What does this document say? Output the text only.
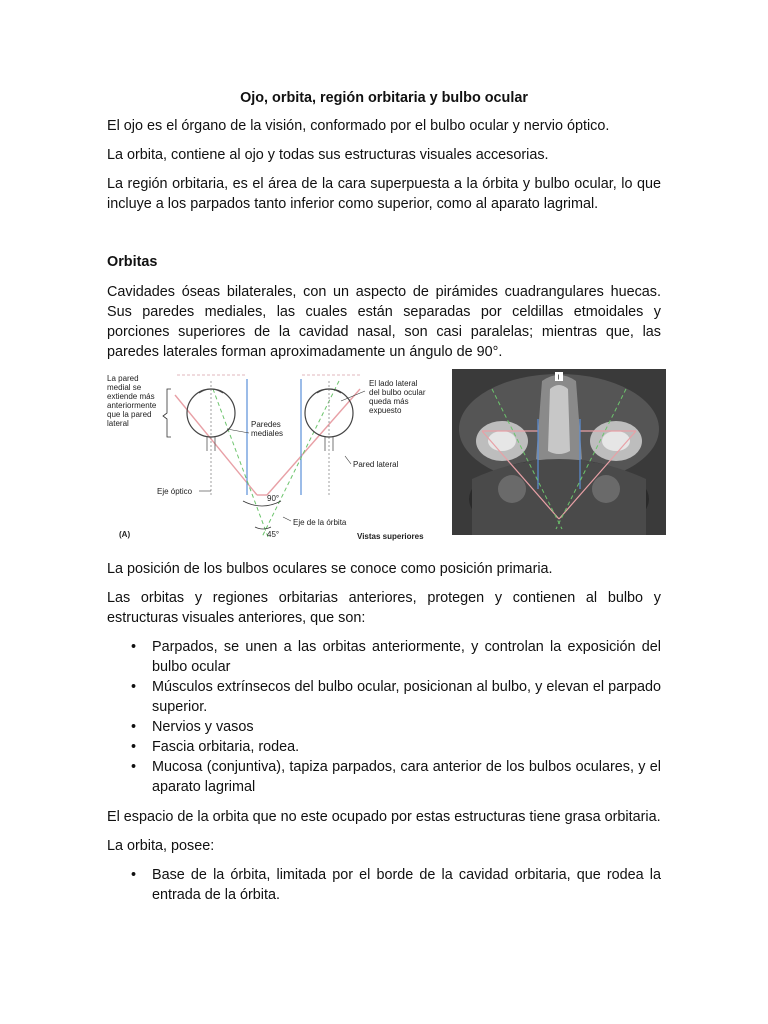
Ojo, orbita, región orbitaria y bulbo ocular

El ojo es el órgano de la visión, conformado por el bulbo ocular y nervio óptico.

La orbita, contiene al ojo y todas sus estructuras visuales accesorias.

La región orbitaria, es el área de la cara superpuesta a la órbita y bulbo ocular, lo que incluye a los parpados tanto inferior como superior, como al aparato lagrimal.

Orbitas

Cavidades óseas bilaterales, con un aspecto de pirámides cuadrangulares huecas. Sus paredes mediales, las cuales están separadas por celdillas etmoidales y porciones superiores de la cavidad nasal, son casi paralelas; mientras que, las paredes laterales forman aproximadamente un ángulo de 90°.

La pared
medial se
extiende más
anteriormente
que la pared
lateral
El lado lateral
del bulbo ocular
queda más
expuesto
Paredes
mediales
Pared lateral
Eje óptico
90°
Eje de la órbita
45°
(A)	Vistas superiores
I

La posición de los bulbos oculares se conoce como posición primaria.

Las orbitas y regiones orbitarias anteriores, protegen y contienen al bulbo y estructuras visuales anteriores, que son:

• Parpados, se unen a las orbitas anteriormente, y controlan la exposición del bulbo ocular
• Músculos extrínsecos del bulbo ocular, posicionan al bulbo, y elevan el parpado superior.
• Nervios y vasos
• Fascia orbitaria, rodea.
• Mucosa (conjuntiva), tapiza parpados, cara anterior de los bulbos oculares, y el aparato lagrimal

El espacio de la orbita que no este ocupado por estas estructuras tiene grasa orbitaria.

La orbita, posee:

• Base de la órbita, limitada por el borde de la cavidad orbitaria, que rodea la entrada de la órbita.
